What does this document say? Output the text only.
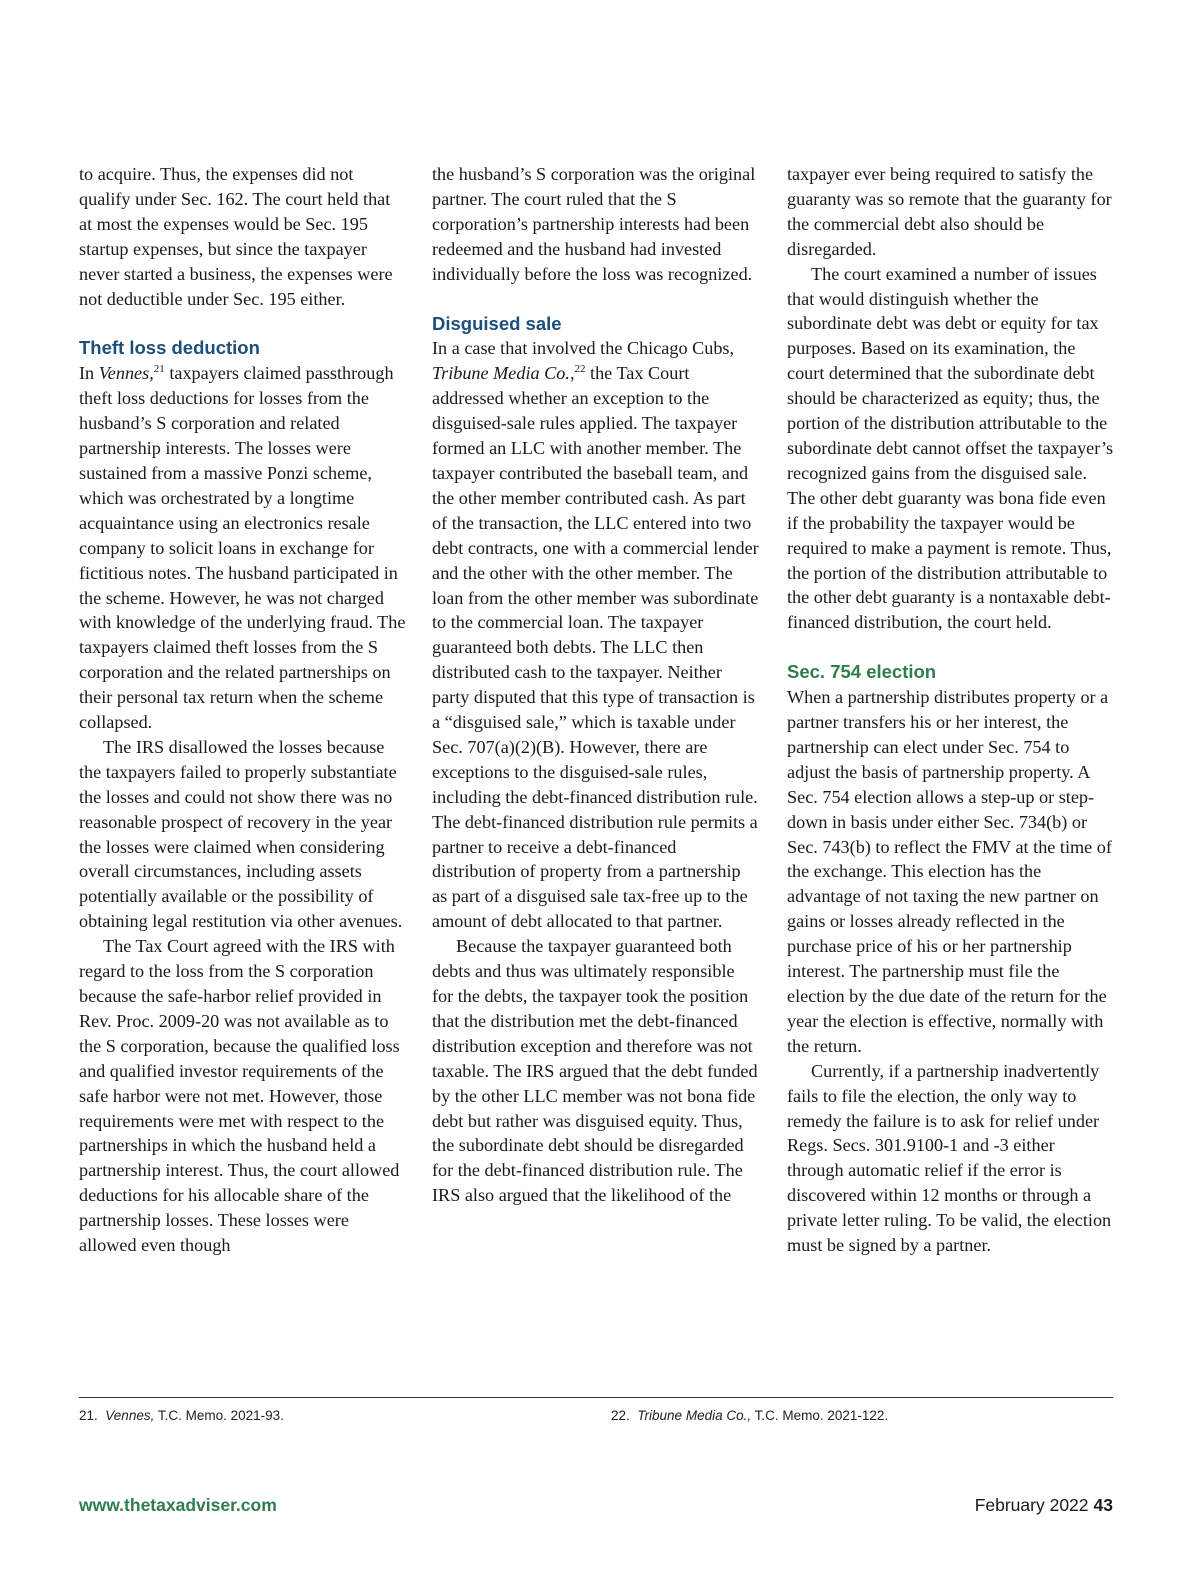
to acquire. Thus, the expenses did not qualify under Sec. 162. The court held that at most the expenses would be Sec. 195 startup expenses, but since the taxpayer never started a business, the expenses were not deductible under Sec. 195 either.

Theft loss deduction

In Vennes,$^{21}$ taxpayers claimed passthrough theft loss deductions for losses from the husband’s S corporation and related partnership interests. The losses were sustained from a massive Ponzi scheme, which was orchestrated by a longtime acquaintance using an electronics resale company to solicit loans in exchange for fictitious notes. The husband participated in the scheme. However, he was not charged with knowledge of the underlying fraud. The taxpayers claimed theft losses from the S corporation and the related partnerships on their personal tax return when the scheme collapsed.

The IRS disallowed the losses because the taxpayers failed to properly substantiate the losses and could not show there was no reasonable prospect of recovery in the year the losses were claimed when considering overall circumstances, including assets potentially available or the possibility of obtaining legal restitution via other avenues.

The Tax Court agreed with the IRS with regard to the loss from the S corporation because the safe-harbor relief provided in Rev. Proc. 2009-20 was not available as to the S corporation, because the qualified loss and qualified investor requirements of the safe harbor were not met. However, those requirements were met with respect to the partnerships in which the husband held a partnership interest. Thus, the court allowed deductions for his allocable share of the partnership losses. These losses were allowed even though

the husband’s S corporation was the original partner. The court ruled that the S corporation’s partnership interests had been redeemed and the husband had invested individually before the loss was recognized.

Disguised sale

In a case that involved the Chicago Cubs, Tribune Media Co.,$^{22}$ the Tax Court addressed whether an exception to the disguised-sale rules applied. The taxpayer formed an LLC with another member. The taxpayer contributed the baseball team, and the other member contributed cash. As part of the transaction, the LLC entered into two debt contracts, one with a commercial lender and the other with the other member. The loan from the other member was subordinate to the commercial loan. The taxpayer guaranteed both debts. The LLC then distributed cash to the taxpayer. Neither party disputed that this type of transaction is a “disguised sale,” which is taxable under Sec. 707(a)(2)(B). However, there are exceptions to the disguised-sale rules, including the debt-financed distribution rule. The debt-financed distribution rule permits a partner to receive a debt-financed distribution of property from a partnership as part of a disguised sale tax-free up to the amount of debt allocated to that partner.

Because the taxpayer guaranteed both debts and thus was ultimately responsible for the debts, the taxpayer took the position that the distribution met the debt-financed distribution exception and therefore was not taxable. The IRS argued that the debt funded by the other LLC member was not bona fide debt but rather was disguised equity. Thus, the subordinate debt should be disregarded for the debt-financed distribution rule. The IRS also argued that the likelihood of the

taxpayer ever being required to satisfy the guaranty was so remote that the guaranty for the commercial debt also should be disregarded.

The court examined a number of issues that would distinguish whether the subordinate debt was debt or equity for tax purposes. Based on its examination, the court determined that the subordinate debt should be characterized as equity; thus, the portion of the distribution attributable to the subordinate debt cannot offset the taxpayer’s recognized gains from the disguised sale. The other debt guaranty was bona fide even if the probability the taxpayer would be required to make a payment is remote. Thus, the portion of the distribution attributable to the other debt guaranty is a nontaxable debt-financed distribution, the court held.

Sec. 754 election

When a partnership distributes property or a partner transfers his or her interest, the partnership can elect under Sec. 754 to adjust the basis of partnership property. A Sec. 754 election allows a step-up or step-down in basis under either Sec. 734(b) or Sec. 743(b) to reflect the FMV at the time of the exchange. This election has the advantage of not taxing the new partner on gains or losses already reflected in the purchase price of his or her partnership interest. The partnership must file the election by the due date of the return for the year the election is effective, normally with the return.

Currently, if a partnership inadvertently fails to file the election, the only way to remedy the failure is to ask for relief under Regs. Secs. 301.9100-1 and -3 either through automatic relief if the error is discovered within 12 months or through a private letter ruling. To be valid, the election must be signed by a partner.

21. Vennes, T.C. Memo. 2021-93.	22. Tribune Media Co., T.C. Memo. 2021-122.
www.thetaxadviser.com	February 2022 43
